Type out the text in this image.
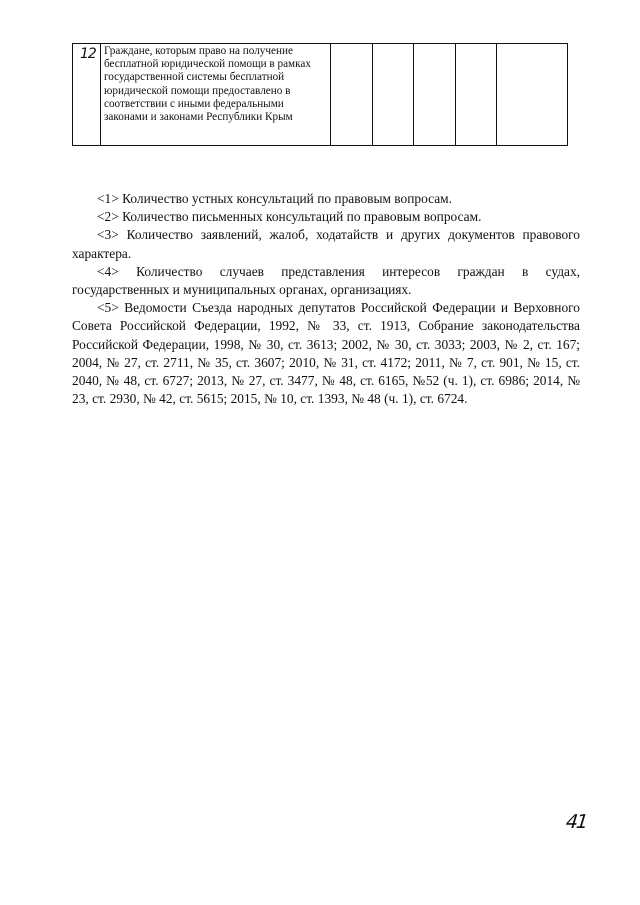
12	Граждане, которым право на получение бесплатной юридической помощи в рамках государственной системы бесплатной юридической помощи предоставлено в соответствии с иными федеральными законами и законами Республики Крым

<1> Количество устных консультаций по правовым вопросам.

<2> Количество письменных консультаций по правовым вопросам.

<3> Количество заявлений, жалоб, ходатайств и других документов правового характера.

<4> Количество случаев представления интересов граждан в судах, государственных и муниципальных органах, организациях.

<5> Ведомости Съезда народных депутатов Российской Федерации и Верховного Совета Российской Федерации, 1992, № 33, ст. 1913, Собрание законодательства Российской Федерации, 1998, № 30, ст. 3613; 2002, № 30, ст. 3033; 2003, № 2, ст. 167; 2004, № 27, ст. 2711, № 35, ст. 3607; 2010, № 31, ст. 4172; 2011, № 7, ст. 901, № 15, ст. 2040, № 48, ст. 6727; 2013, № 27, ст. 3477, № 48, ст. 6165, №52 (ч. 1), ст. 6986; 2014, № 23, ст. 2930, № 42, ст. 5615; 2015, № 10, ст. 1393, № 48 (ч. 1), ст. 6724.

41
